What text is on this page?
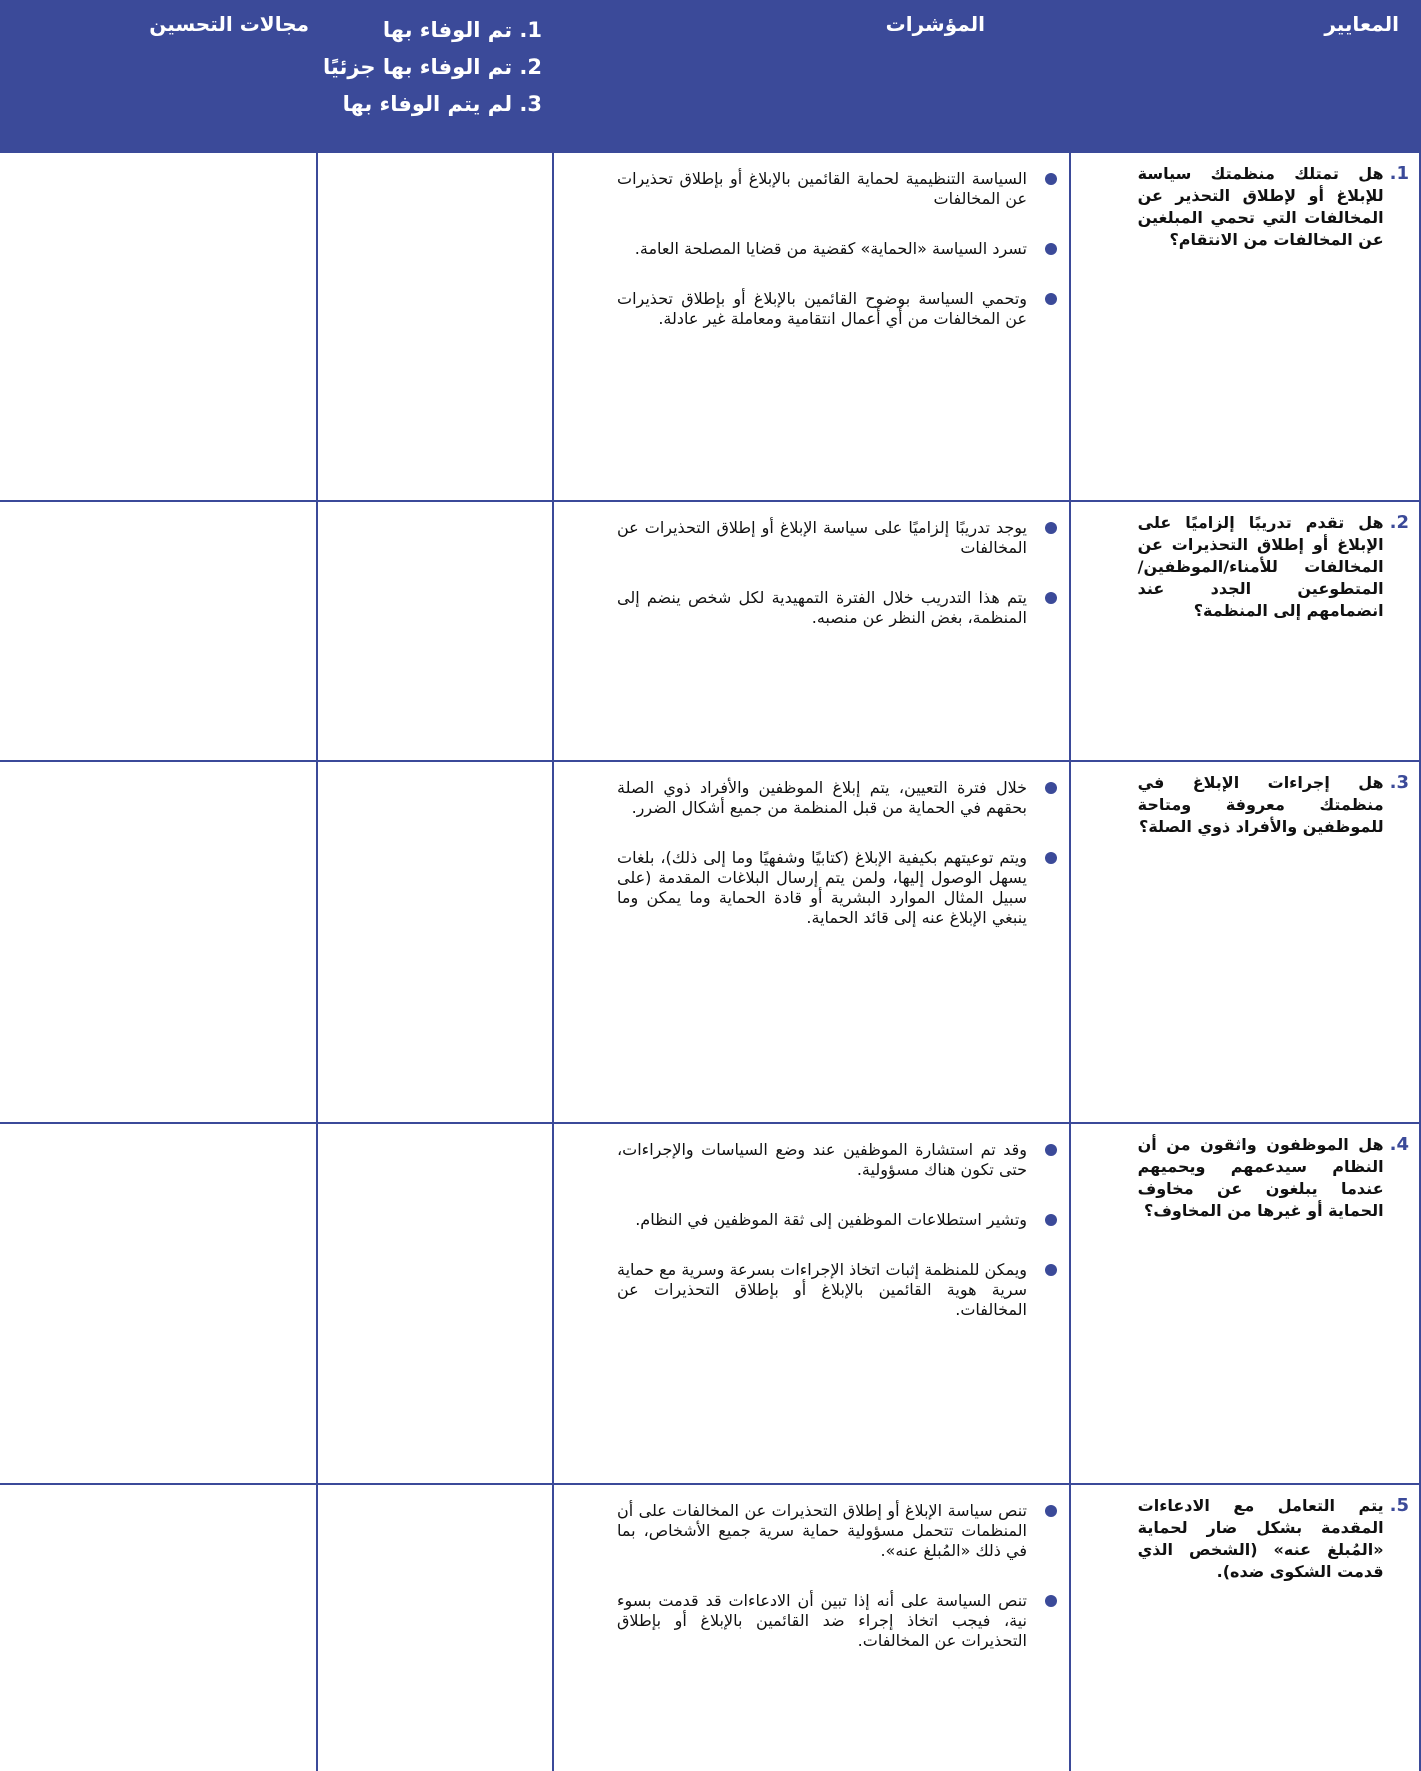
المعايير
المؤشرات
1. تم الوفاء بها
2. تم الوفاء بها جزئيًا
3. لم يتم الوفاء بها
مجالات التحسين
1.
هل تمتلك منظمتك سياسة للإبلاغ أو لإطلاق التحذير عن المخالفات التي تحمي المبلغين عن المخالفات من الانتقام؟
السياسة التنظيمية لحماية القائمين بالإبلاغ أو بإطلاق تحذيرات عن المخالفات
تسرد السياسة «الحماية» كقضية من قضايا المصلحة العامة.
وتحمي السياسة بوضوح القائمين بالإبلاغ أو بإطلاق تحذيرات عن المخالفات من أي أعمال انتقامية ومعاملة غير عادلة.
2.
هل تقدم تدريبًا إلزاميًا على الإبلاغ أو إطلاق التحذيرات عن المخالفات للأمناء/الموظفين/المتطوعين الجدد عند انضمامهم إلى المنظمة؟
يوجد تدريبًا إلزاميًا على سياسة الإبلاغ أو إطلاق التحذيرات عن المخالفات
يتم هذا التدريب خلال الفترة التمهيدية لكل شخص ينضم إلى المنظمة، بغض النظر عن منصبه.
3.
هل إجراءات الإبلاغ في منظمتك معروفة ومتاحة للموظفين والأفراد ذوي الصلة؟
خلال فترة التعيين، يتم إبلاغ الموظفين والأفراد ذوي الصلة بحقهم في الحماية من قبل المنظمة من جميع أشكال الضرر.
ويتم توعيتهم بكيفية الإبلاغ (كتابيًا وشفهيًا وما إلى ذلك)، بلغات يسهل الوصول إليها، ولمن يتم إرسال البلاغات المقدمة (على سبيل المثال الموارد البشرية أو قادة الحماية وما يمكن وما ينبغي الإبلاغ عنه إلى قائد الحماية.
4.
هل الموظفون واثقون من أن النظام سيدعمهم ويحميهم عندما يبلغون عن مخاوف الحماية أو غيرها من المخاوف؟
وقد تم استشارة الموظفين عند وضع السياسات والإجراءات، حتى تكون هناك مسؤولية.
وتشير استطلاعات الموظفين إلى ثقة الموظفين في النظام.
ويمكن للمنظمة إثبات اتخاذ الإجراءات بسرعة وسرية مع حماية سرية هوية القائمين بالإبلاغ أو بإطلاق التحذيرات عن المخالفات.
5.
يتم التعامل مع الادعاءات المقدمة بشكل ضار لحماية «المُبلغ عنه» (الشخص الذي قدمت الشكوى ضده).
تنص سياسة الإبلاغ أو إطلاق التحذيرات عن المخالفات على أن المنظمات تتحمل مسؤولية حماية سرية جميع الأشخاص، بما في ذلك «المُبلغ عنه».
تنص السياسة على أنه إذا تبين أن الادعاءات قد قدمت بسوء نية، فيجب اتخاذ إجراء ضد القائمين بالإبلاغ أو بإطلاق التحذيرات عن المخالفات.
